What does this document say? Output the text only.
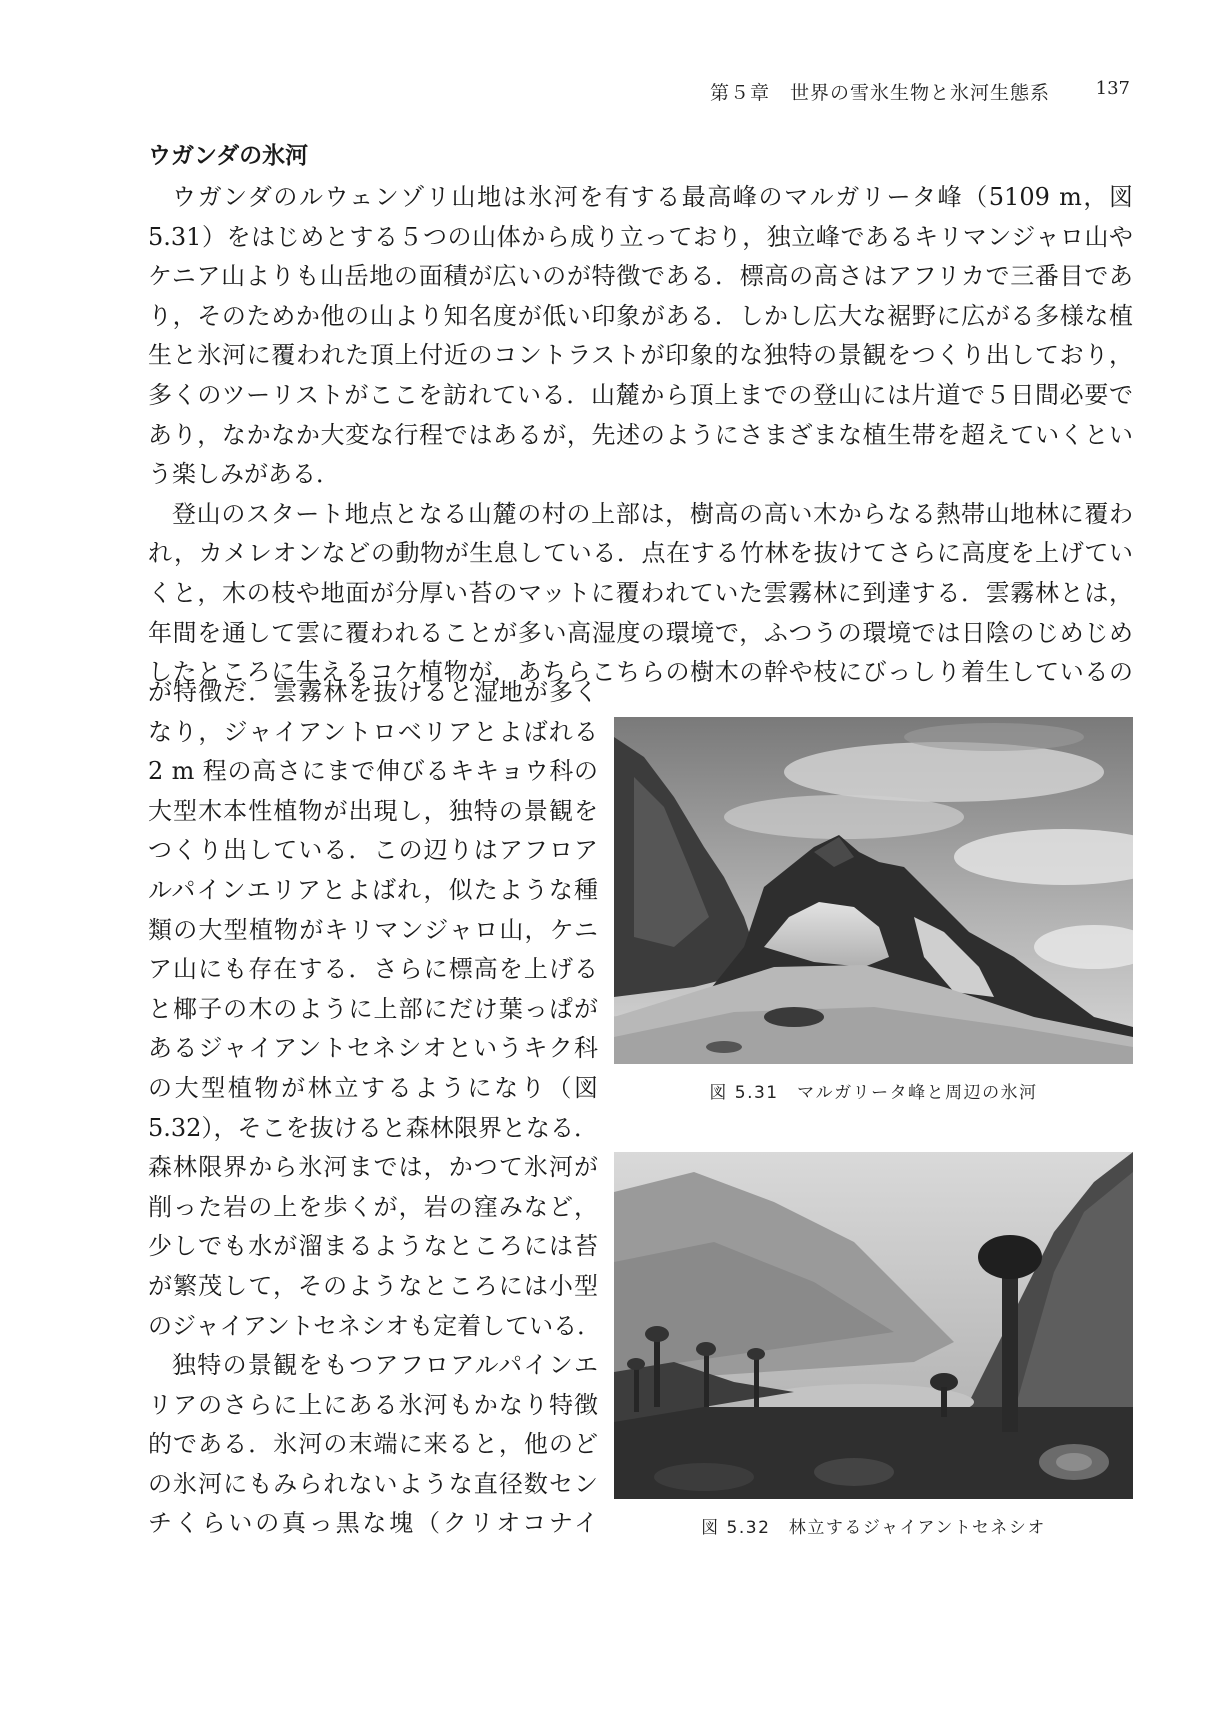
第５章　世界の雪氷生物と氷河生態系	137
ウガンダの氷河
ウガンダのルウェンゾリ山地は氷河を有する最高峰のマルガリータ峰（5109 m，図
5.31）をはじめとする５つの山体から成り立っており，独立峰であるキリマンジャロ山や
ケニア山よりも山岳地の面積が広いのが特徴である．標高の高さはアフリカで三番目であ
り，そのためか他の山より知名度が低い印象がある．しかし広大な裾野に広がる多様な植
生と氷河に覆われた頂上付近のコントラストが印象的な独特の景観をつくり出しており，
多くのツーリストがここを訪れている．山麓から頂上までの登山には片道で５日間必要で
あり，なかなか大変な行程ではあるが，先述のようにさまざまな植生帯を超えていくとい
う楽しみがある．
登山のスタート地点となる山麓の村の上部は，樹高の高い木からなる熱帯山地林に覆わ
れ，カメレオンなどの動物が生息している．点在する竹林を抜けてさらに高度を上げてい
くと，木の枝や地面が分厚い苔のマットに覆われていた雲霧林に到達する．雲霧林とは，
年間を通して雲に覆われることが多い高湿度の環境で，ふつうの環境では日陰のじめじめ
したところに生えるコケ植物が，あちらこちらの樹木の幹や枝にびっしり着生しているの
が特徴だ．雲霧林を抜けると湿地が多く
なり，ジャイアントロベリアとよばれる
2 m 程の高さにまで伸びるキキョウ科の
大型木本性植物が出現し，独特の景観を
つくり出している．この辺りはアフロア
ルパインエリアとよばれ，似たような種
類の大型植物がキリマンジャロ山，ケニ
ア山にも存在する．さらに標高を上げる
と椰子の木のように上部にだけ葉っぱが
あるジャイアントセネシオというキク科
の大型植物が林立するようになり（図
5.32），そこを抜けると森林限界となる．
森林限界から氷河までは，かつて氷河が
削った岩の上を歩くが，岩の窪みなど，
少しでも水が溜まるようなところには苔
が繁茂して，そのようなところには小型
のジャイアントセネシオも定着している．
独特の景観をもつアフロアルパインエ
リアのさらに上にある氷河もかなり特徴
的である．氷河の末端に来ると，他のど
の氷河にもみられないような直径数セン
チくらいの真っ黒な塊（クリオコナイ
図 5.31　マルガリータ峰と周辺の氷河
図 5.32　林立するジャイアントセネシオ
